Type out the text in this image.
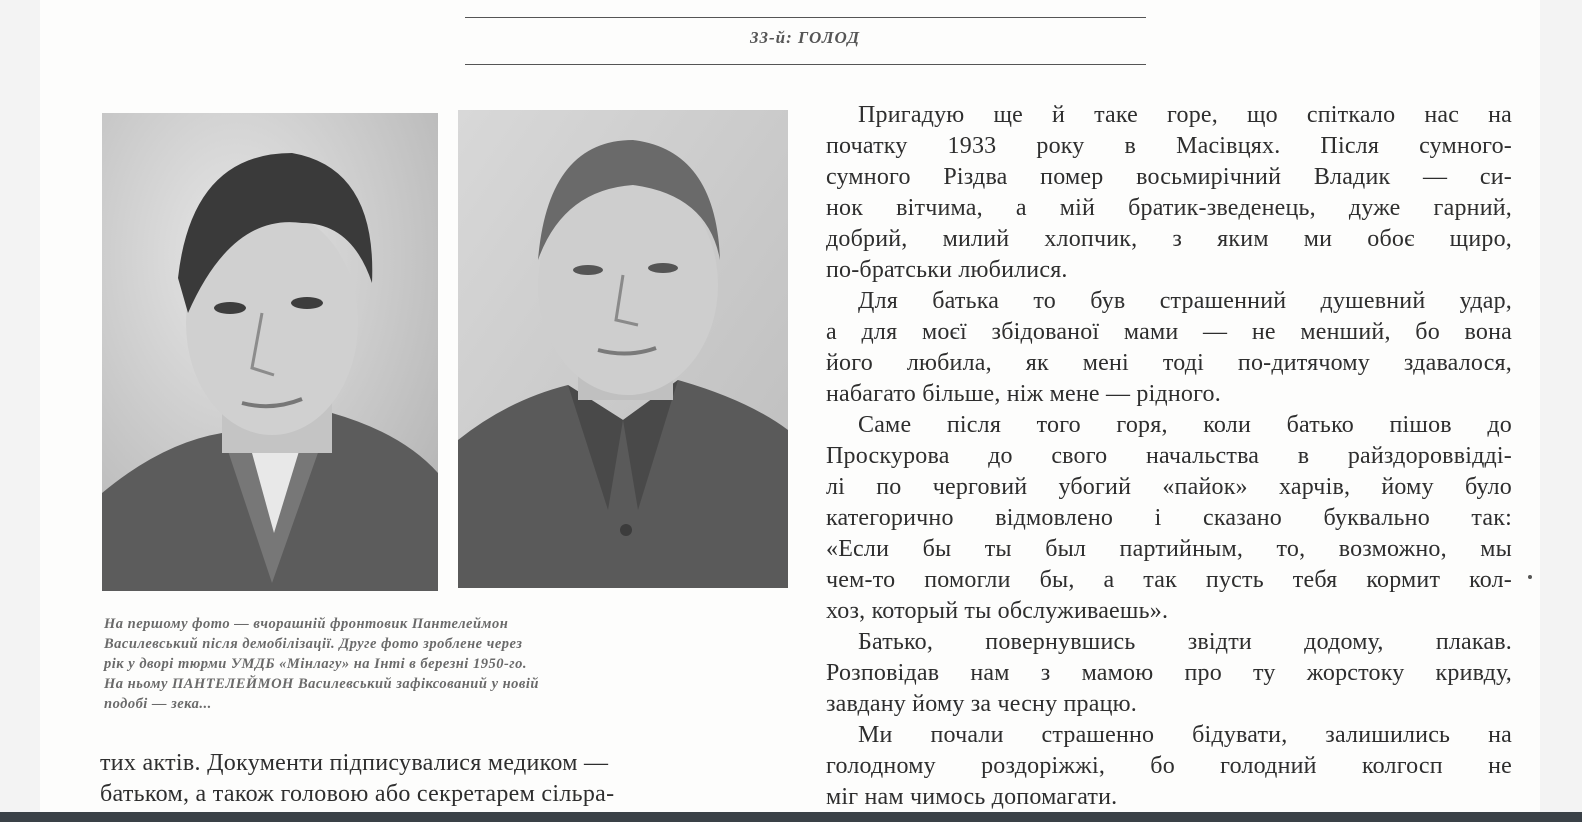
33-й: ГОЛОД

На першому фото — вчорашній фронтовик Пантелеймон
Василевський після демобілізації. Друге фото зроблене через
рік у дворі тюрми УМДБ «Мінлагу» на Інті в березні 1950-го.
На ньому ПАНТЕЛЕЙМОН Василевський зафіксований у новій
подобі — зека...

тих актів. Документи підписувалися медиком —
батьком, а також головою або секретарем сільра-

Пригадую ще й таке горе, що спіткало нас на
початку 1933 року в Масівцях. Після сумного-
сумного Різдва помер восьмирічний Владик — си-
нок вітчима, а мій братик-зведенець, дуже гарний,
добрий, милий хлопчик, з яким ми обоє щиро,
по-братськи любилися.

Для батька то був страшенний душевний удар,
а для моєї збідованої мами — не менший, бо вона
його любила, як мені тоді по-дитячому здавалося,
набагато більше, ніж мене — рідного.

Саме після того горя, коли батько пішов до
Проскурова до свого начальства в райздороввідді-
лі по черговий убогий «пайок» харчів, йому було
категорично відмовлено і сказано буквально так:
«Если бы ты был партийным, то, возможно, мы
чем-то помогли бы, а так пусть тебя кормит кол-
хоз, который ты обслуживаешь».

Батько, повернувшись звідти додому, плакав.
Розповідав нам з мамою про ту жорстоку кривду,
завдану йому за чесну працю.

Ми почали страшенно бідувати, залишились на
голодному роздоріжжі, бо голодний колгосп не
міг нам чимось допомагати.
